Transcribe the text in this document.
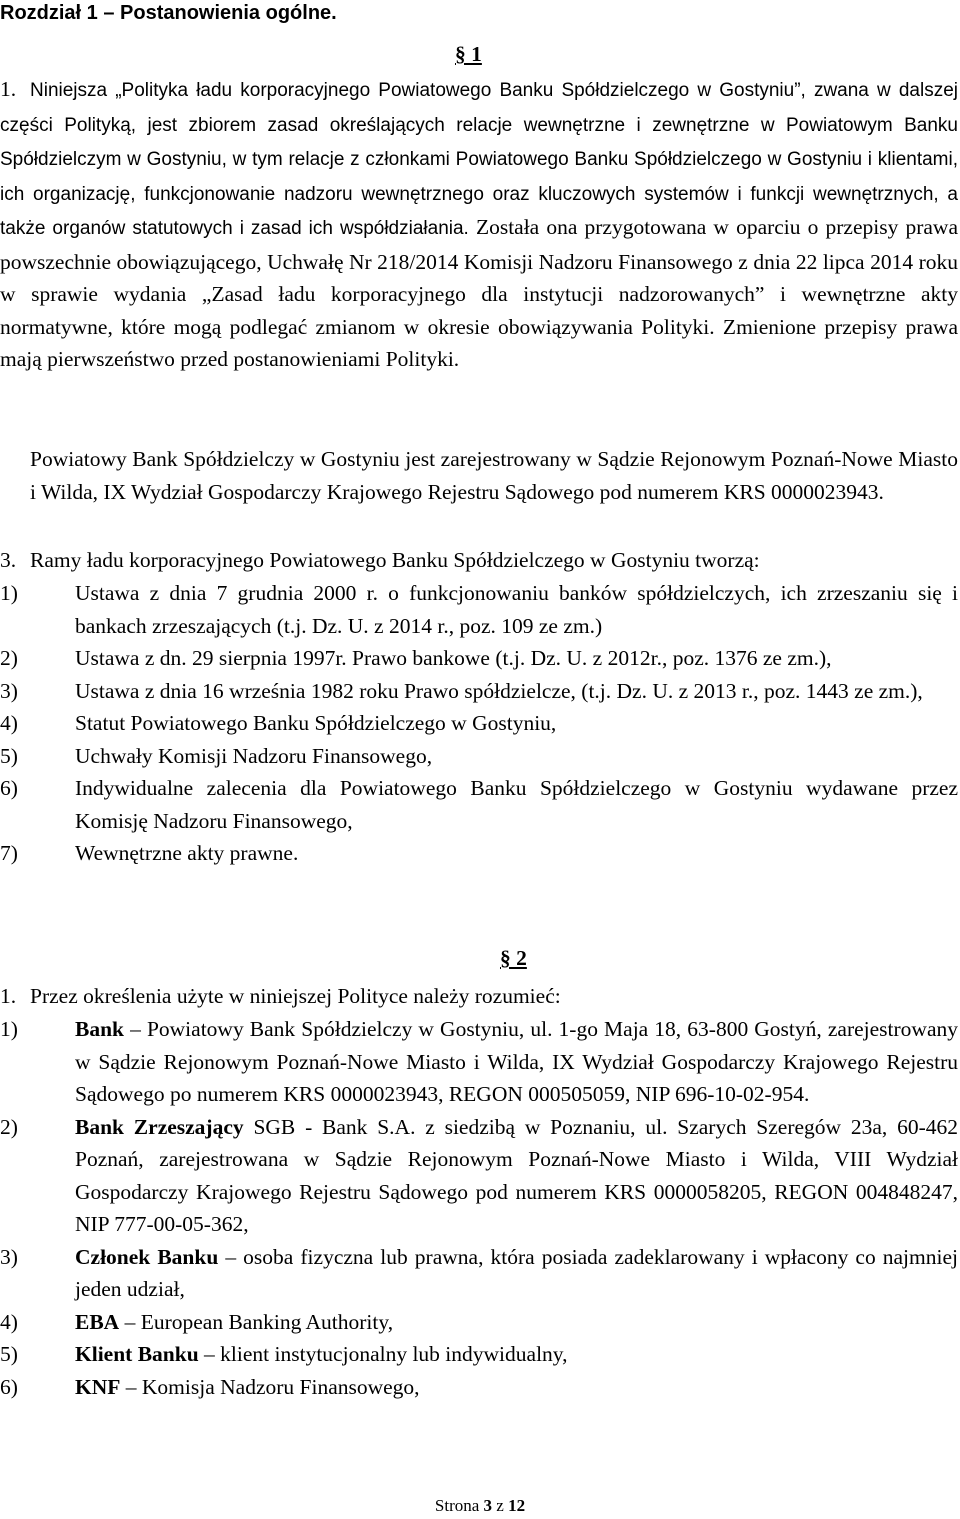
Rozdział 1 – Postanowienia ogólne.
§ 1
1. Niniejsza „Polityka ładu korporacyjnego Powiatowego Banku Spółdzielczego w Gostyniu”, zwana w dalszej części Polityką, jest zbiorem zasad określających relacje wewnętrzne i zewnętrzne w Powiatowym Banku Spółdzielczym w Gostyniu, w tym relacje z członkami Powiatowego Banku Spółdzielczego w Gostyniu i klientami, ich organizację, funkcjonowanie nadzoru wewnętrznego oraz kluczowych systemów i funkcji wewnętrznych, a także organów statutowych i zasad ich współdziałania. Została ona przygotowana w oparciu o przepisy prawa powszechnie obowiązującego, Uchwałę Nr 218/2014 Komisji Nadzoru Finansowego z dnia 22 lipca 2014 roku w sprawie wydania „Zasad ładu korporacyjnego dla instytucji nadzorowanych” i wewnętrzne akty normatywne, które mogą podlegać zmianom w okresie obowiązywania Polityki. Zmienione przepisy prawa mają pierwszeństwo przed postanowieniami Polityki.
Powiatowy Bank Spółdzielczy w Gostyniu jest zarejestrowany w Sądzie Rejonowym Poznań-Nowe Miasto i Wilda, IX Wydział Gospodarczy Krajowego Rejestru Sądowego pod numerem KRS 0000023943.
3. Ramy ładu korporacyjnego Powiatowego Banku Spółdzielczego w Gostyniu tworzą:
1)	Ustawa z dnia 7 grudnia 2000 r. o funkcjonowaniu banków spółdzielczych, ich zrzeszaniu się i bankach zrzeszających (t.j. Dz. U. z 2014 r., poz. 109 ze zm.)
2)	Ustawa z dn. 29 sierpnia 1997r. Prawo bankowe (t.j. Dz. U. z 2012r., poz. 1376 ze zm.),
3)	Ustawa z dnia 16 września 1982 roku Prawo spółdzielcze, (t.j. Dz. U. z 2013 r., poz. 1443 ze zm.),
4)	Statut Powiatowego Banku Spółdzielczego w Gostyniu,
5)	Uchwały Komisji Nadzoru Finansowego,
6)	Indywidualne zalecenia dla Powiatowego Banku Spółdzielczego w Gostyniu wydawane przez Komisję Nadzoru Finansowego,
7)	Wewnętrzne akty prawne.
§ 2
1. Przez określenia użyte w niniejszej Polityce należy rozumieć:
1)	Bank – Powiatowy Bank Spółdzielczy w Gostyniu, ul. 1-go Maja 18, 63-800 Gostyń, zarejestrowany w Sądzie Rejonowym Poznań-Nowe Miasto i Wilda, IX Wydział Gospodarczy Krajowego Rejestru Sądowego po numerem KRS 0000023943, REGON 000505059, NIP 696-10-02-954.
2)	Bank Zrzeszający SGB - Bank S.A. z siedzibą w Poznaniu, ul. Szarych Szeregów 23a, 60-462 Poznań, zarejestrowana w Sądzie Rejonowym Poznań-Nowe Miasto i Wilda, VIII Wydział Gospodarczy Krajowego Rejestru Sądowego pod numerem KRS 0000058205, REGON 004848247, NIP 777-00-05-362,
3)	Członek Banku – osoba fizyczna lub prawna, która posiada zadeklarowany i wpłacony co najmniej jeden udział,
4)	EBA – European Banking Authority,
5)	Klient Banku – klient instytucjonalny lub indywidualny,
6)	KNF – Komisja Nadzoru Finansowego,
Strona 3 z 12
